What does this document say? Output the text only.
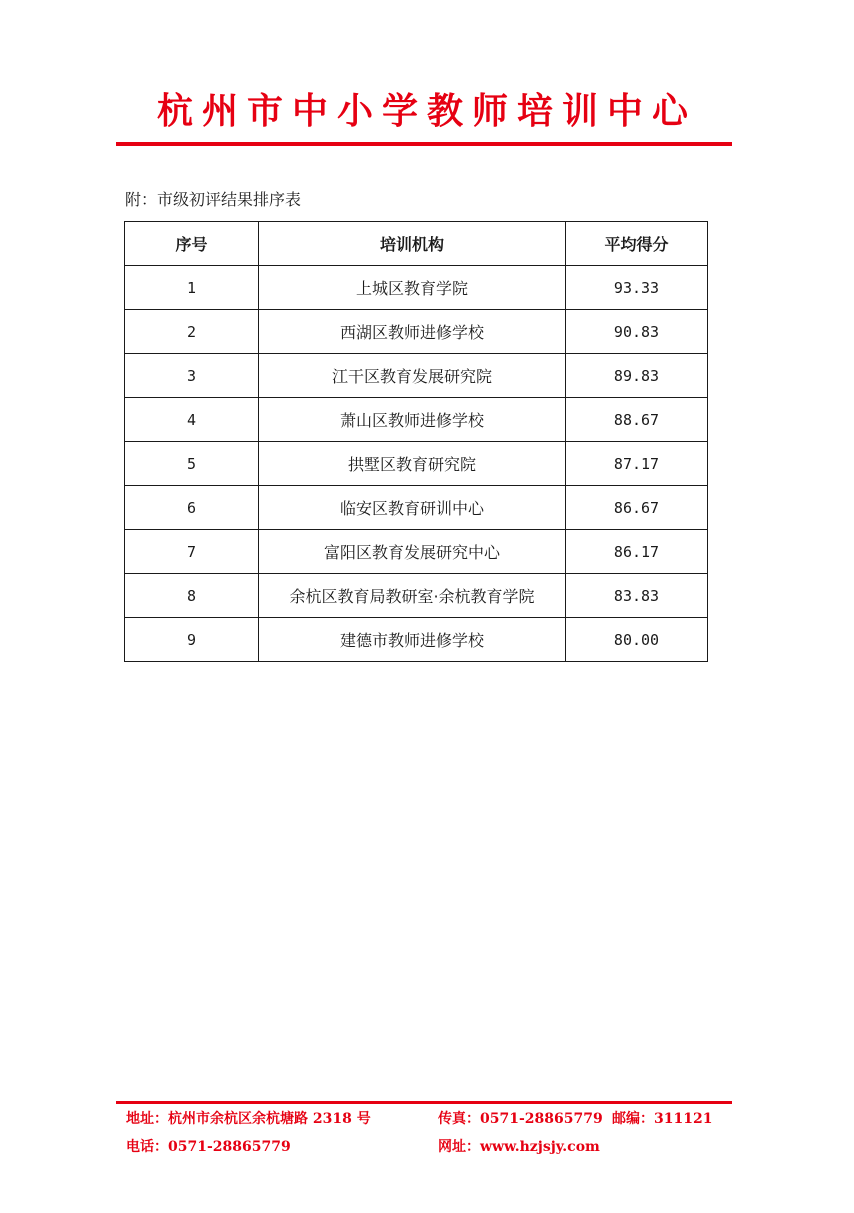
杭州市中小学教师培训中心
附：市级初评结果排序表
序号	培训机构	平均得分
1	上城区教育学院	93.33
2	西湖区教师进修学校	90.83
3	江干区教育发展研究院	89.83
4	萧山区教师进修学校	88.67
5	拱墅区教育研究院	87.17
6	临安区教育研训中心	86.67
7	富阳区教育发展研究中心	86.17
8	余杭区教育局教研室·余杭教育学院	83.83
9	建德市教师进修学校	80.00
地址：杭州市余杭区余杭塘路 2318 号	传真：0571-28865779 邮编：311121
电话：0571-28865779	网址：www.hzjsjy.com
